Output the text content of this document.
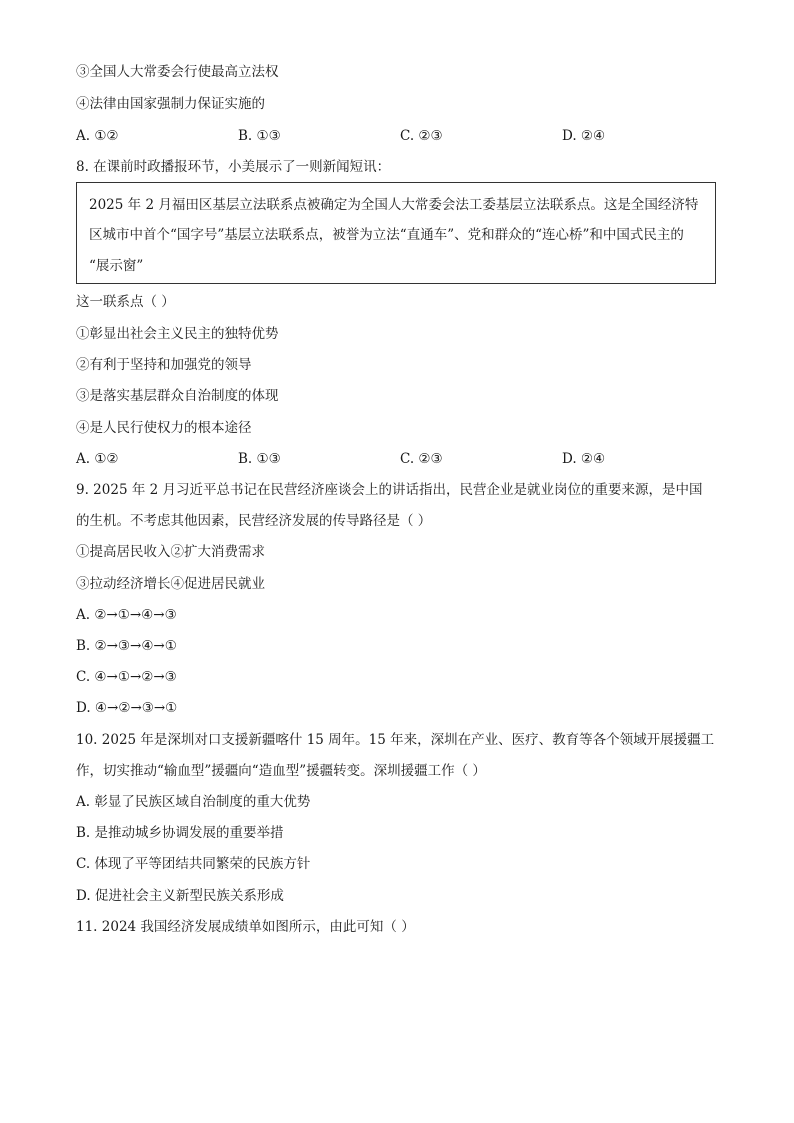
③全国人大常委会行使最高立法权
④法律由国家强制力保证实施的
A. ①②	B. ①③	C. ②③	D. ②④
8. 在课前时政播报环节，小美展示了一则新闻短讯：
2025 年 2 月福田区基层立法联系点被确定为全国人大常委会法工委基层立法联系点。这是全国经济特
区城市中首个“国字号”基层立法联系点，被誉为立法“直通车”、党和群众的“连心桥”和中国式民主的
“展示窗”
这一联系点（ ）
①彰显出社会主义民主的独特优势
②有利于坚持和加强党的领导
③是落实基层群众自治制度的体现
④是人民行使权力的根本途径
A. ①②	B. ①③	C. ②③	D. ②④
9. 2025 年 2 月习近平总书记在民营经济座谈会上的讲话指出，民营企业是就业岗位的重要来源，是中国
的生机。不考虑其他因素，民营经济发展的传导路径是（ ）
①提高居民收入②扩大消费需求
③拉动经济增长④促进居民就业
A. ②→①→④→③
B. ②→③→④→①
C. ④→①→②→③
D. ④→②→③→①
10. 2025 年是深圳对口支援新疆喀什 15 周年。15 年来，深圳在产业、医疗、教育等各个领域开展援疆工
作，切实推动“输血型”援疆向“造血型”援疆转变。深圳援疆工作（ ）
A. 彰显了民族区域自治制度的重大优势
B. 是推动城乡协调发展的重要举措
C. 体现了平等团结共同繁荣的民族方针
D. 促进社会主义新型民族关系形成
11. 2024 我国经济发展成绩单如图所示，由此可知（ ）
